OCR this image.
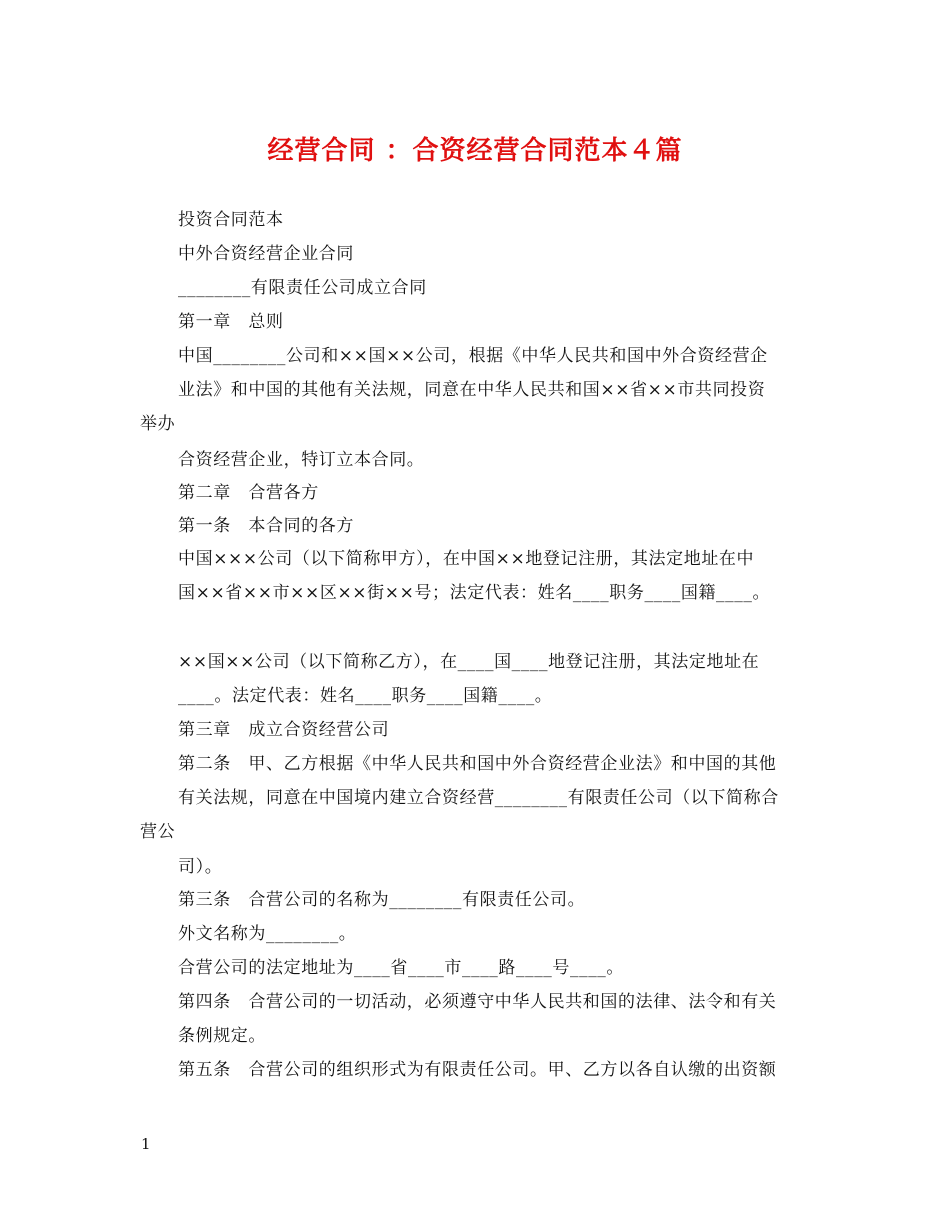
经营合同 ：合资经营合同范本４篇
投资合同范本
中外合资经营企业合同
________有限责任公司成立合同
第一章　总则
中国________公司和××国××公司，根据《中华人民共和国中外合资经营企
业法》和中国的其他有关法规，同意在中华人民共和国××省××市共同投资
举办
合资经营企业，特订立本合同。
第二章　合营各方
第一条　本合同的各方
中国×××公司（以下简称甲方），在中国××地登记注册，其法定地址在中
国××省××市××区××街××号；法定代表：姓名____职务____国籍____。
××国××公司（以下简称乙方），在____国____地登记注册，其法定地址在
____。法定代表：姓名____职务____国籍____。
第三章　成立合资经营公司
第二条　甲、乙方根据《中华人民共和国中外合资经营企业法》和中国的其他
有关法规，同意在中国境内建立合资经营________有限责任公司（以下简称合
营公
司）。
第三条　合营公司的名称为________有限责任公司。
外文名称为________。
合营公司的法定地址为____省____市____路____号____。
第四条　合营公司的一切活动，必须遵守中华人民共和国的法律、法令和有关
条例规定。
第五条　合营公司的组织形式为有限责任公司。甲、乙方以各自认缴的出资额
1
